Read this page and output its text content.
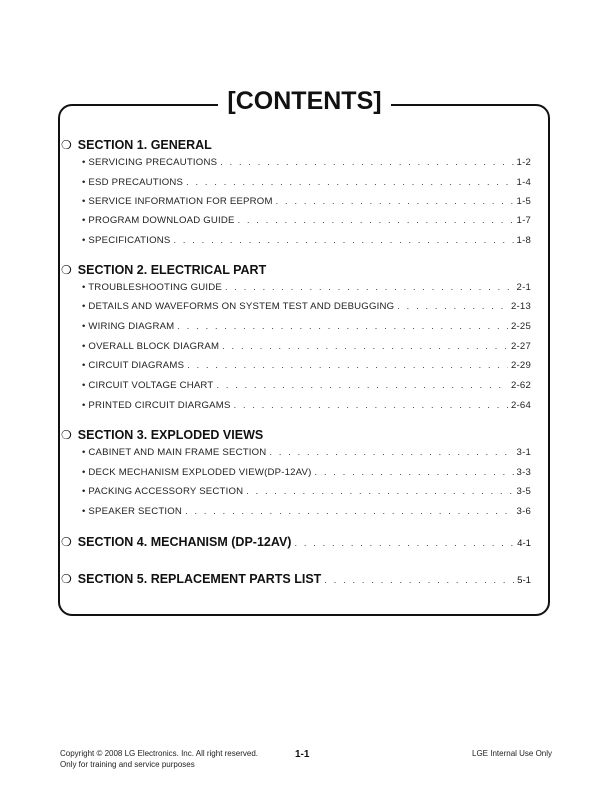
[CONTENTS]
❍ SECTION 1. GENERAL
• SERVICING PRECAUTIONS . . .	1-2
• ESD PRECAUTIONS . . .	1-4
• SERVICE INFORMATION FOR EEPROM . . .	1-5
• PROGRAM DOWNLOAD GUIDE . . .	1-7
• SPECIFICATIONS . . .	1-8
❍ SECTION 2. ELECTRICAL PART
• TROUBLESHOOTING GUIDE . . .	2-1
• DETAILS AND WAVEFORMS ON SYSTEM TEST AND DEBUGGING . . .	2-13
• WIRING DIAGRAM . . .	2-25
• OVERALL BLOCK DIAGRAM . . .	2-27
• CIRCUIT DIAGRAMS . . .	2-29
• CIRCUIT VOLTAGE CHART . . .	2-62
• PRINTED CIRCUIT DIARGAMS . . .	2-64
❍ SECTION 3. EXPLODED VIEWS
• CABINET AND MAIN FRAME SECTION . . .	3-1
• DECK MECHANISM EXPLODED VIEW(DP-12AV) . . .	3-3
• PACKING ACCESSORY SECTION . . .	3-5
• SPEAKER SECTION . . .	3-6
❍ SECTION 4. MECHANISM (DP-12AV) . . .	4-1
❍ SECTION 5. REPLACEMENT PARTS LIST . . .	5-1
Copyright © 2008 LG Electronics. Inc. All right reserved.
Only for training and service purposes
1-1	LGE Internal Use Only
